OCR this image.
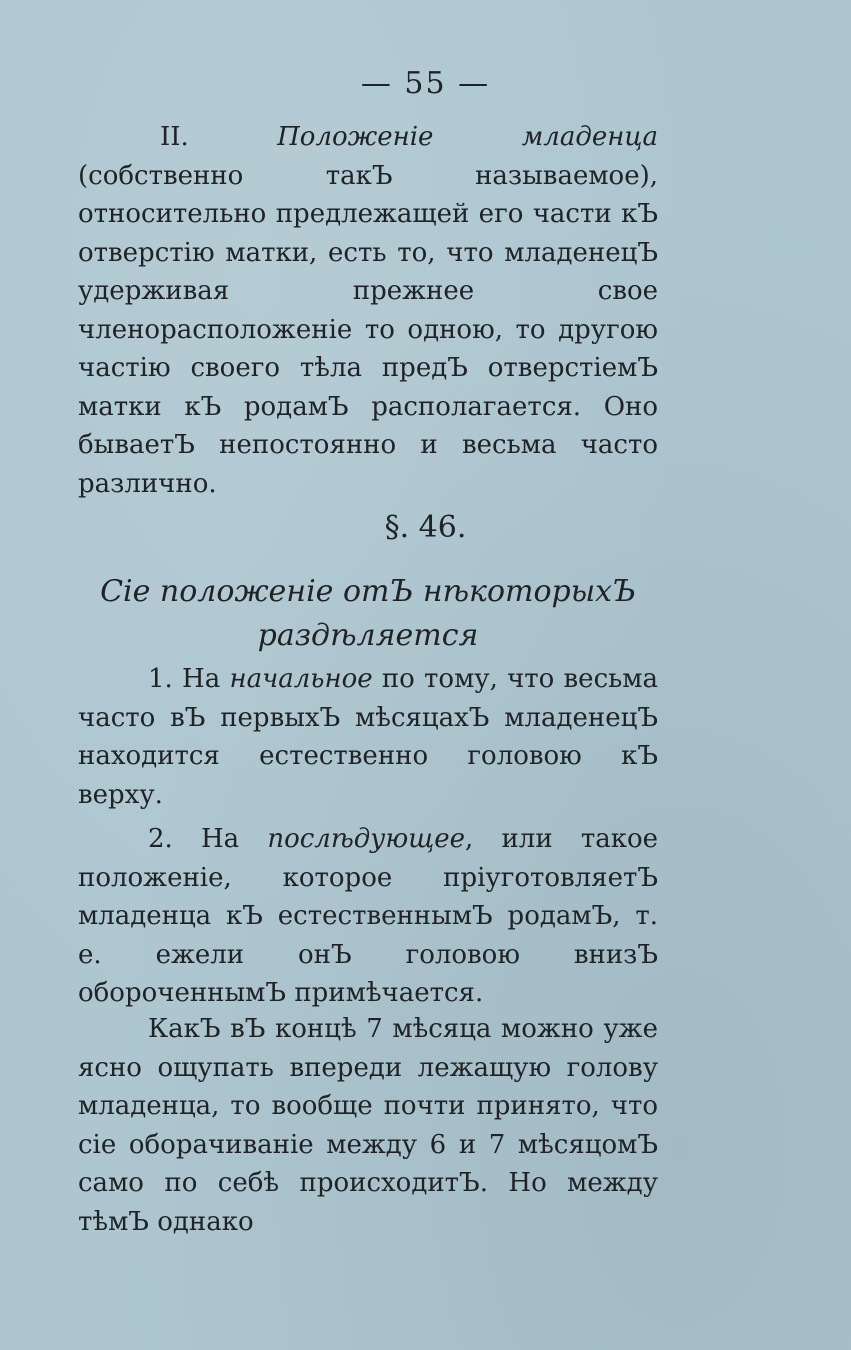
— 55 —

II. Положенie младенца (собственно такЪ называемое), относительно предлежащей его части кЪ отверстiю матки, есть то, что младенецЪ удерживая прежнее свое членорасположенie то одною, то другою частiю своего тѣла предЪ отверстiемЪ матки кЪ родамЪ располагается. Оно бываетЪ непостоянно и весьма часто различно.

§. 46.
Сie положенie отЪ нѣкоторыхЪ раздѣляется

1. На начальное по тому, что весьма часто вЪ первыхЪ мѣсяцахЪ младенецЪ находится естественно головою кЪ верху.

2. На послѣдующее, или такое положенie, которое прiуготовляетЪ младенца кЪ естественнымЪ родамЪ, т. е. ежели онЪ головою внизЪ обороченнымЪ примѣчается.

КакЪ вЪ концѣ 7 мѣсяца можно уже ясно ощупать впереди лежащую голову младенца, то вообще почти принято, что сie оборачиванie между 6 и 7 мѣсяцомЪ само по себѣ происходитЪ. Но между тѣмЪ однако
